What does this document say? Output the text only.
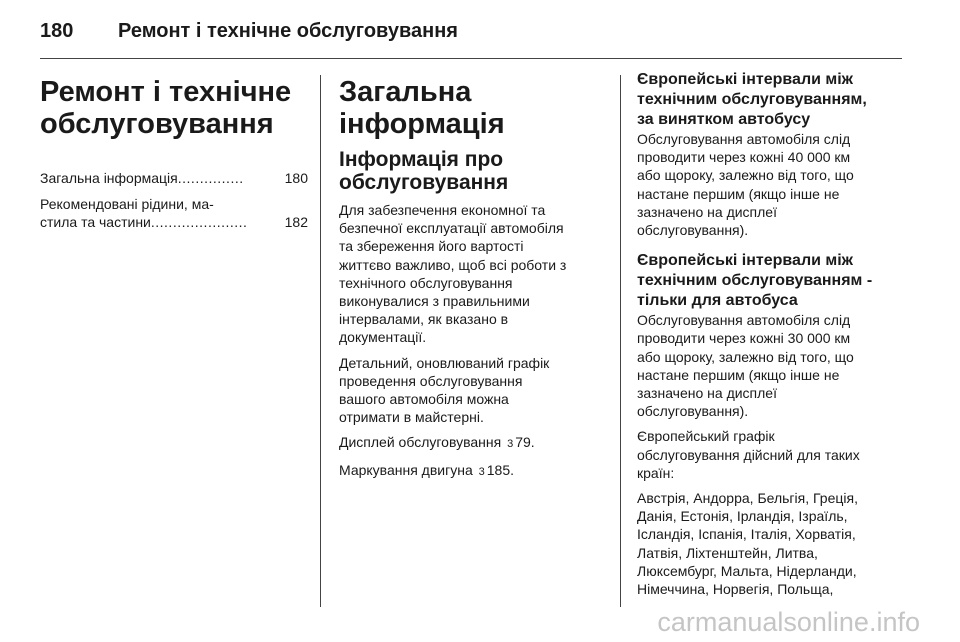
180 Ремонт і технічне обслуговування
Ремонт і технічне
обслуговування
Загальна інформація ...............	180
Рекомендовані рідини, ма-
стила та частини ......................	182
Загальна інформація
Інформація про
обслуговування

Для забезпечення економної та
безпечної експлуатації автомобіля
та збереження його вартості
життєво важливо, щоб всі роботи з
технічного обслуговування
виконувалися з правильними
інтервалами, як вказано в
документації.

Детальний, оновлюваний графік
проведення обслуговування
вашого автомобіля можна
отримати в майстерні.

Дисплей обслуговування 3 79.

Маркування двигуна 3 185.

Європейські інтервали між
технічним обслуговуванням,
за винятком автобусу

Обслуговування автомобіля слід
проводити через кожні 40 000 км
або щороку, залежно від того, що
настане першим (якщо інше не
зазначено на дисплеї
обслуговування).

Європейські інтервали між
технічним обслуговуванням -
тільки для автобуса

Обслуговування автомобіля слід
проводити через кожні 30 000 км
або щороку, залежно від того, що
настане першим (якщо інше не
зазначено на дисплеї
обслуговування).

Європейський графік
обслуговування дійсний для таких
країн:

Австрія, Андорра, Бельгія, Греція,
Данія, Естонія, Ірландія, Ізраїль,
Ісландія, Іспанія, Італія, Хорватія,
Латвія, Ліхтенштейн, Литва,
Люксембург, Мальта, Нідерланди,
Німеччина, Норвегія, Польща,

carmanualsonline.info
